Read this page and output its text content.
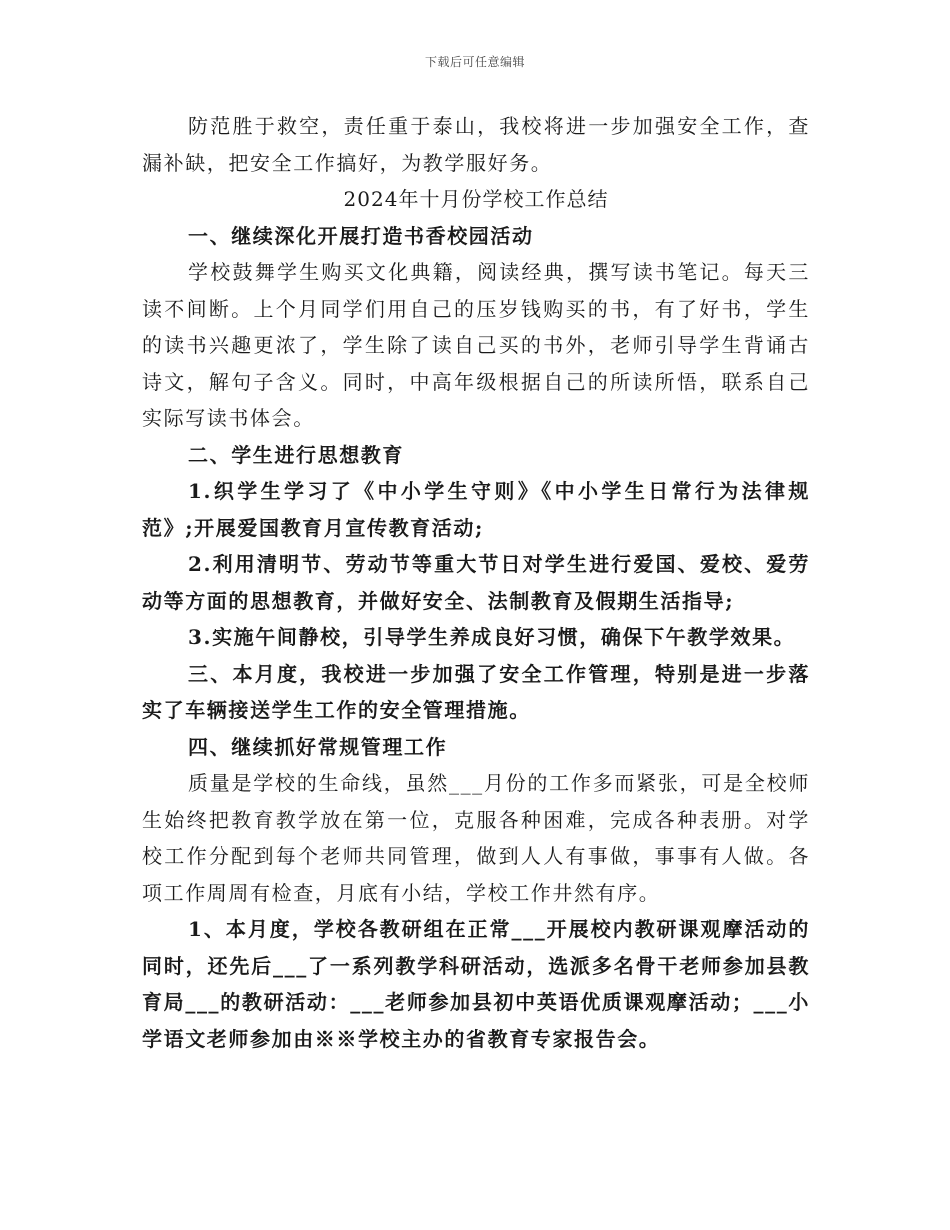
下载后可任意编辑

防范胜于救空，责任重于泰山，我校将进一步加强安全工作，查漏补缺，把安全工作搞好，为教学服好务。

2024年十月份学校工作总结

一、继续深化开展打造书香校园活动

学校鼓舞学生购买文化典籍，阅读经典，撰写读书笔记。每天三读不间断。上个月同学们用自己的压岁钱购买的书，有了好书，学生的读书兴趣更浓了，学生除了读自己买的书外，老师引导学生背诵古诗文，解句子含义。同时，中高年级根据自己的所读所悟，联系自己实际写读书体会。

二、学生进行思想教育

1.织学生学习了《中小学生守则》《中小学生日常行为法律规范》;开展爱国教育月宣传教育活动;

2.利用清明节、劳动节等重大节日对学生进行爱国、爱校、爱劳动等方面的思想教育，并做好安全、法制教育及假期生活指导;

3.实施午间静校，引导学生养成良好习惯，确保下午教学效果。

三、本月度，我校进一步加强了安全工作管理，特别是进一步落实了车辆接送学生工作的安全管理措施。

四、继续抓好常规管理工作

质量是学校的生命线，虽然___月份的工作多而紧张，可是全校师生始终把教育教学放在第一位，克服各种困难，完成各种表册。对学校工作分配到每个老师共同管理，做到人人有事做，事事有人做。各项工作周周有检查，月底有小结，学校工作井然有序。

1、本月度，学校各教研组在正常___开展校内教研课观摩活动的同时，还先后___了一系列教学科研活动，选派多名骨干老师参加县教育局___的教研活动：___老师参加县初中英语优质课观摩活动；___小学语文老师参加由※※学校主办的省教育专家报告会。
